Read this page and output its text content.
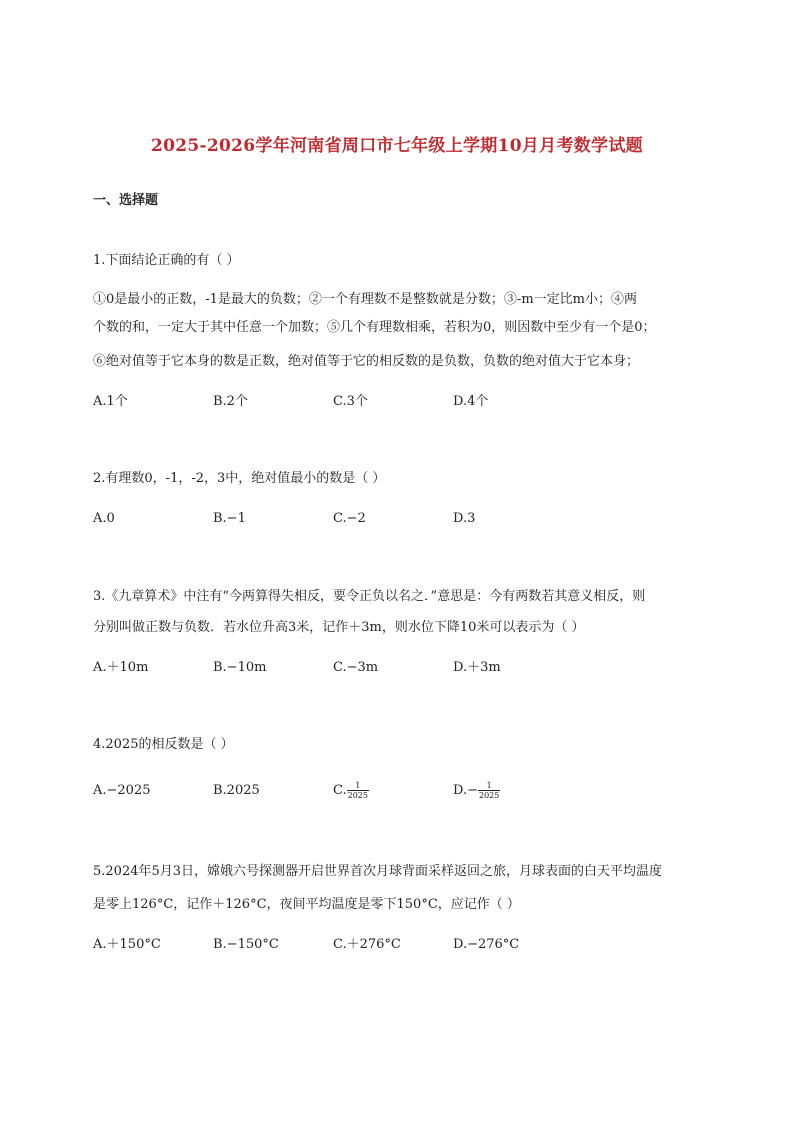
2025-2026学年河南省周口市七年级上学期10月月考数学试题
一、选择题
1.下面结论正确的有（ ）
①0是最小的正数，-1是最大的负数；②一个有理数不是整数就是分数；③-m一定比m小；④两
个数的和，一定大于其中任意一个加数；⑤几个有理数相乘，若积为0，则因数中至少有一个是0；
⑥绝对值等于它本身的数是正数，绝对值等于它的相反数的是负数，负数的绝对值大于它本身；
A.1个	B.2个	C.3个	D.4个
2.有理数0，-1，-2，3中，绝对值最小的数是（ ）
A.0	B.−1	C.−2	D.3
3.《九章算术》中注有“今两算得失相反，要令正负以名之．”意思是：今有两数若其意义相反，则
分别叫做正数与负数．若水位升高3米，记作＋3m，则水位下降10米可以表示为（ ）
A.＋10m	B.−10m	C.−3m	D.＋3m
4.2025的相反数是（ ）
A.−2025	B.2025	C. $\frac{1}{2025}$	$D.- \frac{1}{2025}$
5.2024年5月3日，嫦娥六号探测器开启世界首次月球背面采样返回之旅，月球表面的白天平均温度
是零上126°C，记作＋126°C，夜间平均温度是零下150°C，应记作（ ）
A.＋150°C	B.−150°C	C.＋276°C	D.−276°C
